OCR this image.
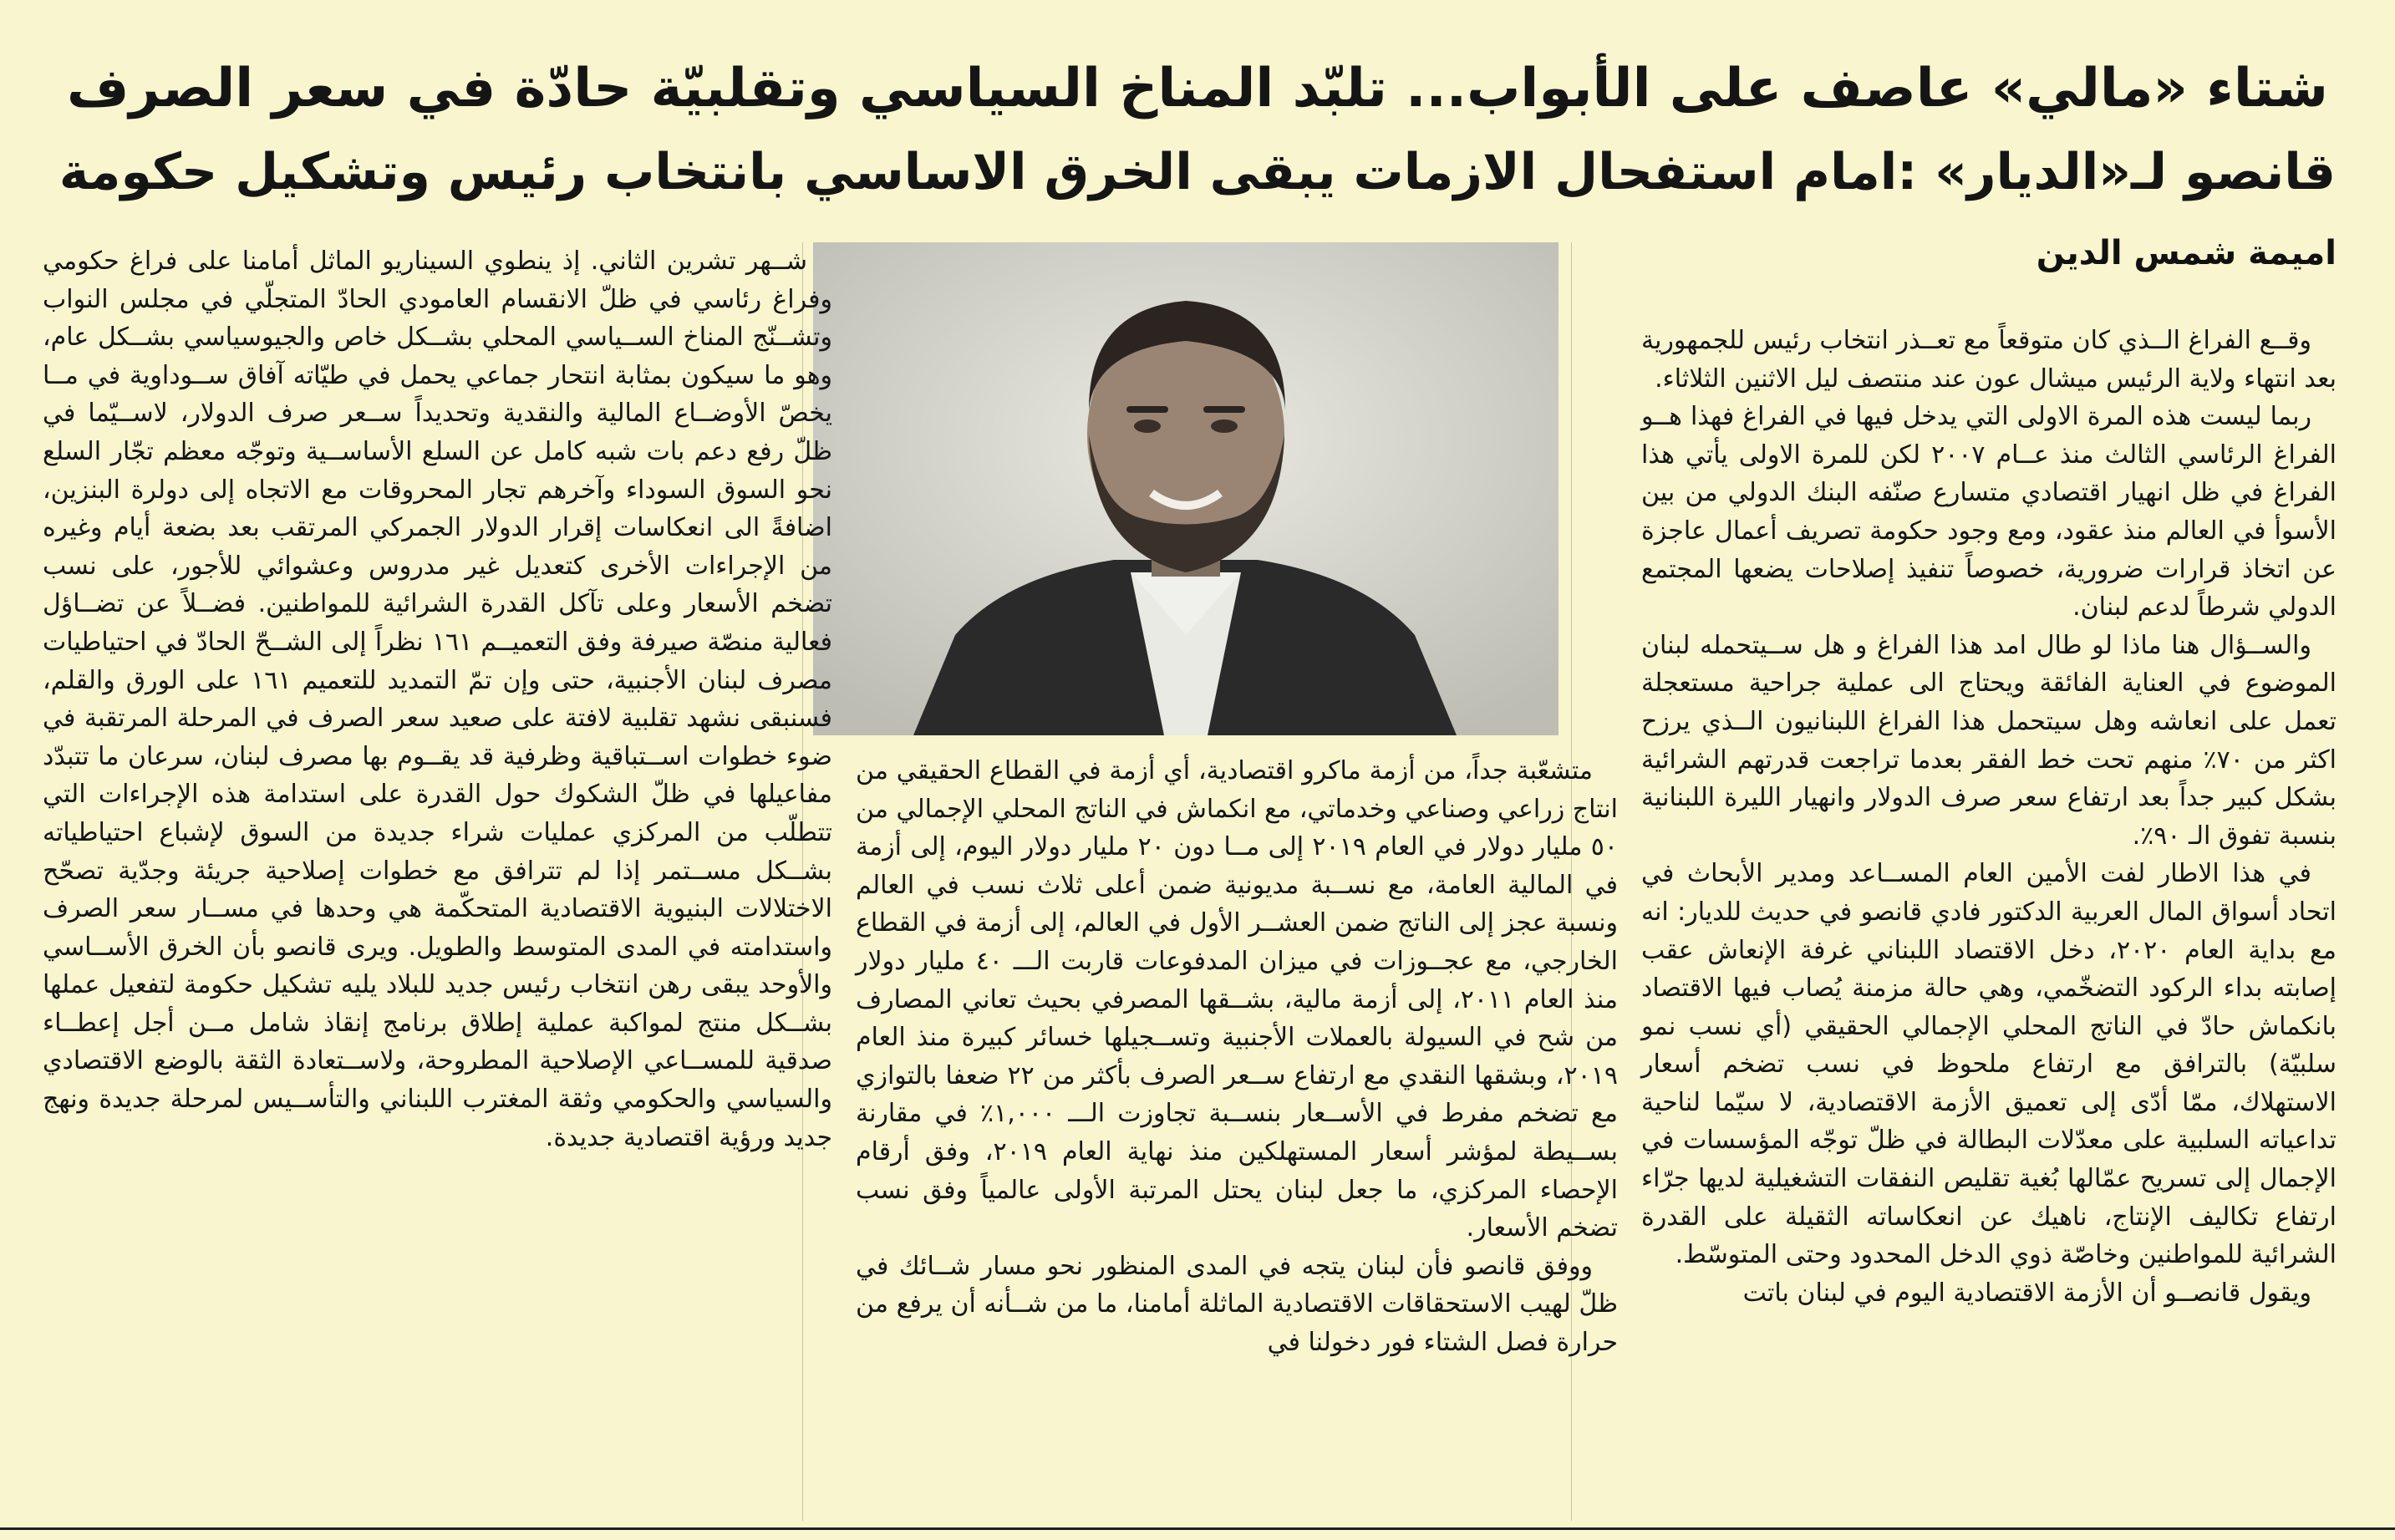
شتاء «مالي» عاصف على الأبواب... تلبّد المناخ السياسي وتقلبيّة حادّة في سعر الصرف
قانصو لـ«الديار» :امام استفحال الازمات يبقى الخرق الاساسي بانتخاب رئيس وتشكيل حكومة
اميمة شمس الدين

وقــع الفراغ الــذي كان متوقعاً مع تعــذر انتخاب رئيس للجمهورية بعد انتهاء ولاية الرئيس ميشال عون عند منتصف ليل الاثنين الثلاثاء.

ربما ليست هذه المرة الاولى التي يدخل فيها في الفراغ فهذا هــو الفراغ الرئاسي الثالث منذ عــام ٢٠٠٧ لكن للمرة الاولى يأتي هذا الفراغ في ظل انهيار اقتصادي متسارع صنّفه البنك الدولي من بين الأسوأ في العالم منذ عقود، ومع وجود حكومة تصريف أعمال عاجزة عن اتخاذ قرارات ضرورية، خصوصاً تنفيذ إصلاحات يضعها المجتمع الدولي شرطاً لدعم لبنان.

والســؤال هنا ماذا لو طال امد هذا الفراغ و هل ســيتحمله لبنان الموضوع في العناية الفائقة ويحتاج الى عملية جراحية مستعجلة تعمل على انعاشه وهل سيتحمل هذا الفراغ اللبنانيون الــذي يرزح اكثر من ٧٠٪ منهم تحت خط الفقر بعدما تراجعت قدرتهم الشرائية بشكل كبير جداً بعد ارتفاع سعر صرف الدولار وانهيار الليرة اللبنانية بنسبة تفوق الـ ٩٠٪.

في هذا الاطار لفت الأمين العام المســاعد ومدير الأبحاث في اتحاد أسواق المال العربية الدكتور فادي قانصو في حديث للديار: انه مع بداية العام ٢٠٢٠، دخل الاقتصاد اللبناني غرفة الإنعاش عقب إصابته بداء الركود التضخّمي، وهي حالة مزمنة يُصاب فيها الاقتصاد بانكماش حادّ في الناتج المحلي الإجمالي الحقيقي (أي نسب نمو سلبيّة) بالترافق مع ارتفاع ملحوظ في نسب تضخم أسعار الاستهلاك، ممّا أدّى إلى تعميق الأزمة الاقتصادية، لا سيّما لناحية تداعياته السلبية على معدّلات البطالة في ظلّ توجّه المؤسسات في الإجمال إلى تسريح عمّالها بُغية تقليص النفقات التشغيلية لديها جرّاء ارتفاع تكاليف الإنتاج، ناهيك عن انعكاساته الثقيلة على القدرة الشرائية للمواطنين وخاصّة ذوي الدخل المحدود وحتى المتوسّط.

ويقول قانصــو أن الأزمة الاقتصادية اليوم في لبنان باتت

متشعّبة جداً، من أزمة ماكرو اقتصادية، أي أزمة في القطاع الحقيقي من انتاج زراعي وصناعي وخدماتي، مع انكماش في الناتج المحلي الإجمالي من ٥٠ مليار دولار في العام ٢٠١٩ إلى مــا دون ٢٠ مليار دولار اليوم، إلى أزمة في المالية العامة، مع نســبة مديونية ضمن أعلى ثلاث نسب في العالم ونسبة عجز إلى الناتج ضمن العشــر الأول في العالم، إلى أزمة في القطاع الخارجي، مع عجــوزات في ميزان المدفوعات قاربت الـــ ٤٠ مليار دولار منذ العام ٢٠١١، إلى أزمة مالية، بشــقها المصرفي بحيث تعاني المصارف من شح في السيولة بالعملات الأجنبية وتســجيلها خسائر كبيرة منذ العام ٢٠١٩، وبشقها النقدي مع ارتفاع ســعر الصرف بأكثر من ٢٢ ضعفا بالتوازي مع تضخم مفرط في الأســعار بنســبة تجاوزت الـــ ١,٠٠٠٪ في مقارنة بســيطة لمؤشر أسعار المستهلكين منذ نهاية العام ٢٠١٩، وفق أرقام الإحصاء المركزي، ما جعل لبنان يحتل المرتبة الأولى عالمياً وفق نسب تضخم الأسعار.

ووفق قانصو فأن لبنان يتجه في المدى المنظور نحو مسار شــائك في ظلّ لهيب الاستحقاقات الاقتصادية الماثلة أمامنا، ما من شــأنه أن يرفع من حرارة فصل الشتاء فور دخولنا في

شــهر تشرين الثاني. إذ ينطوي السيناريو الماثل أمامنا على فراغ حكومي وفراغ رئاسي في ظلّ الانقسام العامودي الحادّ المتجلّي في مجلس النواب وتشــنّج المناخ الســياسي المحلي بشــكل خاص والجيوسياسي بشــكل عام، وهو ما سيكون بمثابة انتحار جماعي يحمل في طيّاته آفاق ســوداوية في مــا يخصّ الأوضــاع المالية والنقدية وتحديداً ســعر صرف الدولار، لاســيّما في ظلّ رفع دعم بات شبه كامل عن السلع الأساســية وتوجّه معظم تجّار السلع نحو السوق السوداء وآخرهم تجار المحروقات مع الاتجاه إلى دولرة البنزين، اضافةً الى انعكاسات إقرار الدولار الجمركي المرتقب بعد بضعة أيام وغيره من الإجراءات الأخرى كتعديل غير مدروس وعشوائي للأجور، على نسب تضخم الأسعار وعلى تآكل القدرة الشرائية للمواطنين. فضــلاً عن تضــاؤل فعالية منصّة صيرفة وفق التعميــم ١٦١ نظراً إلى الشــحّ الحادّ في احتياطيات مصرف لبنان الأجنبية، حتى وإن تمّ التمديد للتعميم ١٦١ على الورق والقلم، فسنبقى نشهد تقلبية لافتة على صعيد سعر الصرف في المرحلة المرتقبة في ضوء خطوات اســتباقية وظرفية قد يقــوم بها مصرف لبنان، سرعان ما تتبدّد مفاعيلها في ظلّ الشكوك حول القدرة على استدامة هذه الإجراءات التي تتطلّب من المركزي عمليات شراء جديدة من السوق لإشباع احتياطياته بشــكل مســتمر إذا لم تترافق مع خطوات إصلاحية جريئة وجدّية تصحّح الاختلالات البنيوية الاقتصادية المتحكّمة هي وحدها في مســار سعر الصرف واستدامته في المدى المتوسط والطويل. ويرى قانصو بأن الخرق الأســاسي والأوحد يبقى رهن انتخاب رئيس جديد للبلاد يليه تشكيل حكومة لتفعيل عملها بشــكل منتج لمواكبة عملية إطلاق برنامج إنقاذ شامل مــن أجل إعطــاء صدقية للمســاعي الإصلاحية المطروحة، ولاســتعادة الثقة بالوضع الاقتصادي والسياسي والحكومي وثقة المغترب اللبناني والتأســيس لمرحلة جديدة ونهج جديد ورؤية اقتصادية جديدة.
